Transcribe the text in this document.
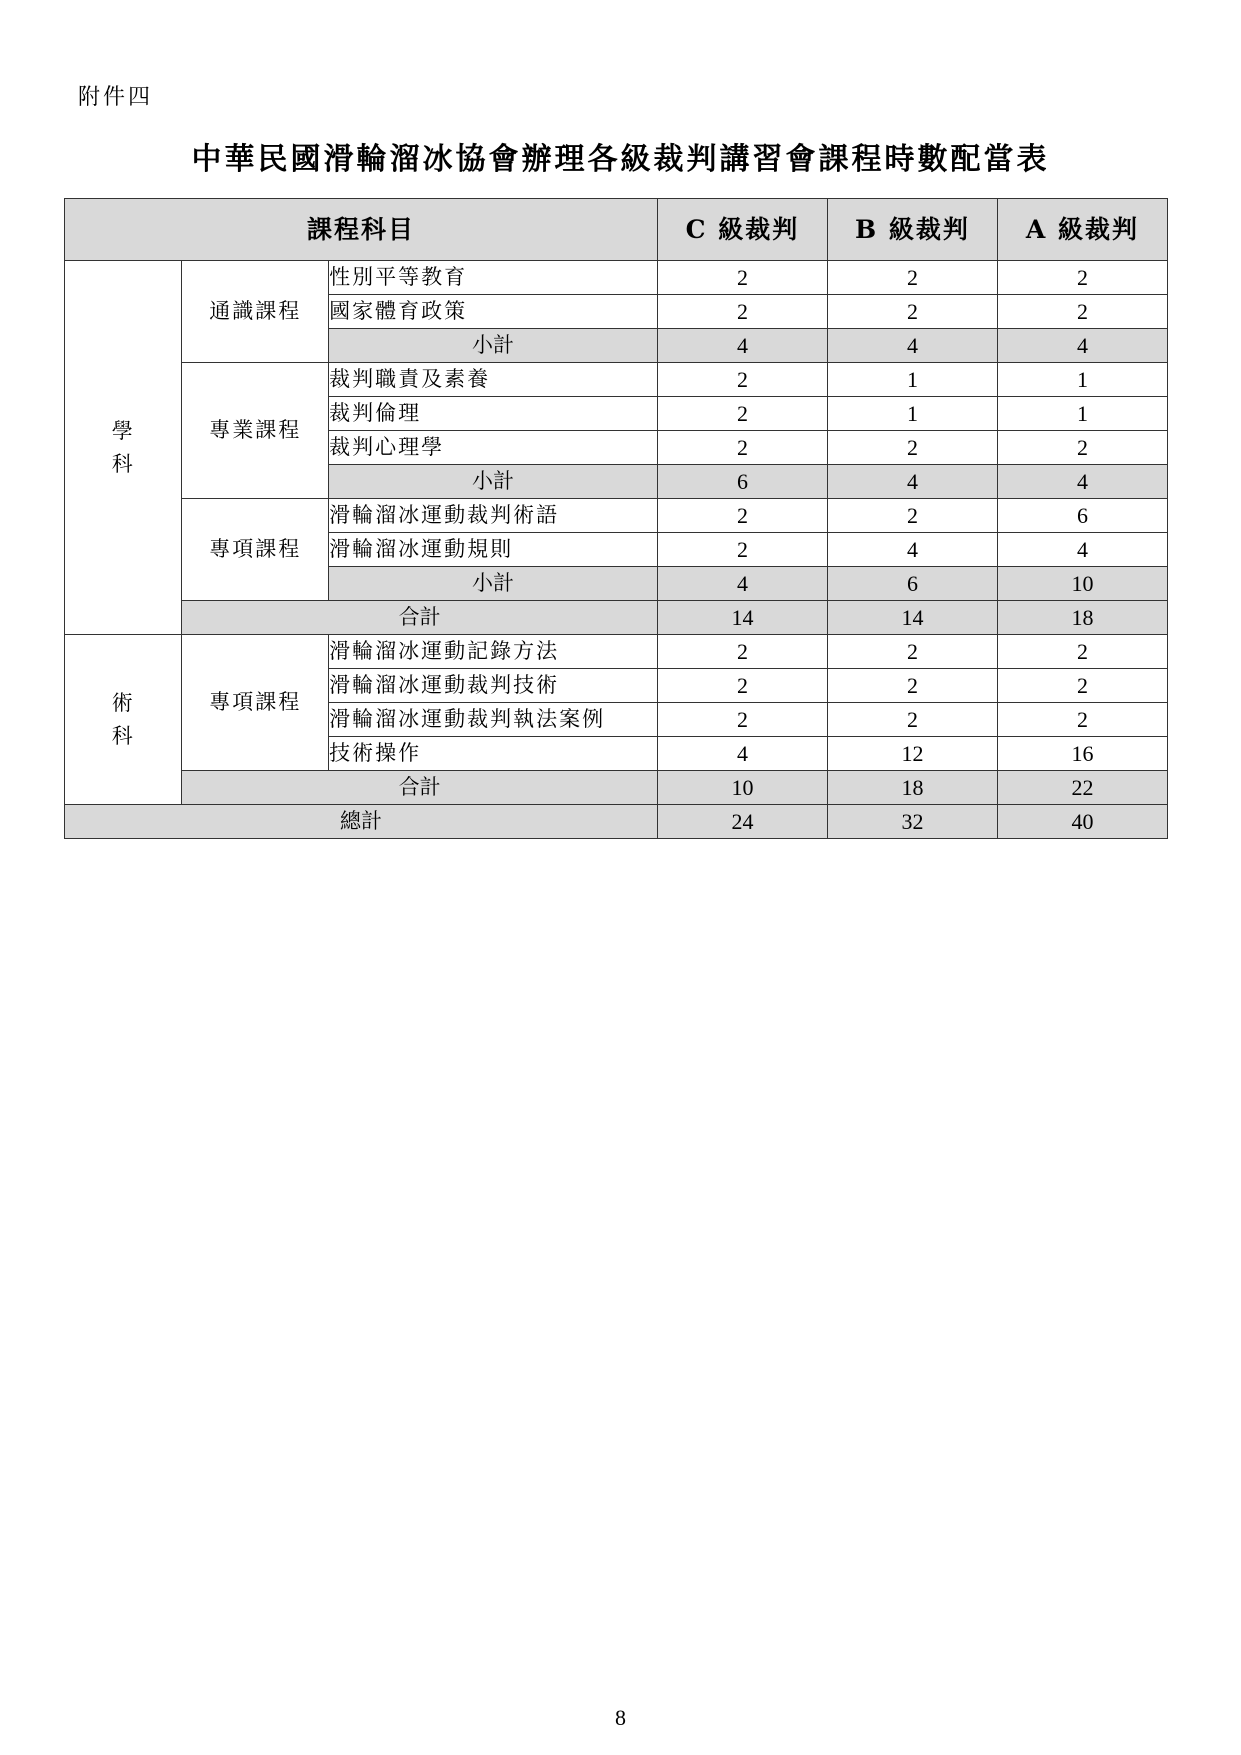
附件四
中華民國滑輪溜冰協會辦理各級裁判講習會課程時數配當表
課程科目			C 級裁判	B 級裁判	A 級裁判

學
科	通識課程	性別平等教育	2	2	2
		國家體育政策	2	2	2
		小計	4	4	4
	專業課程	裁判職責及素養	2	1	1
		裁判倫理	2	1	1
		裁判心理學	2	2	2
		小計	6	4	4
	專項課程	滑輪溜冰運動裁判術語	2	2	6
		滑輪溜冰運動規則	2	4	4
		小計	4	6	10
	合計		14	14	18

術
科	專項課程	滑輪溜冰運動記錄方法	2	2	2
		滑輪溜冰運動裁判技術	2	2	2
		滑輪溜冰運動裁判執法案例	2	2	2
		技術操作	4	12	16
	合計		10	18	22
總計			24	32	40
8
